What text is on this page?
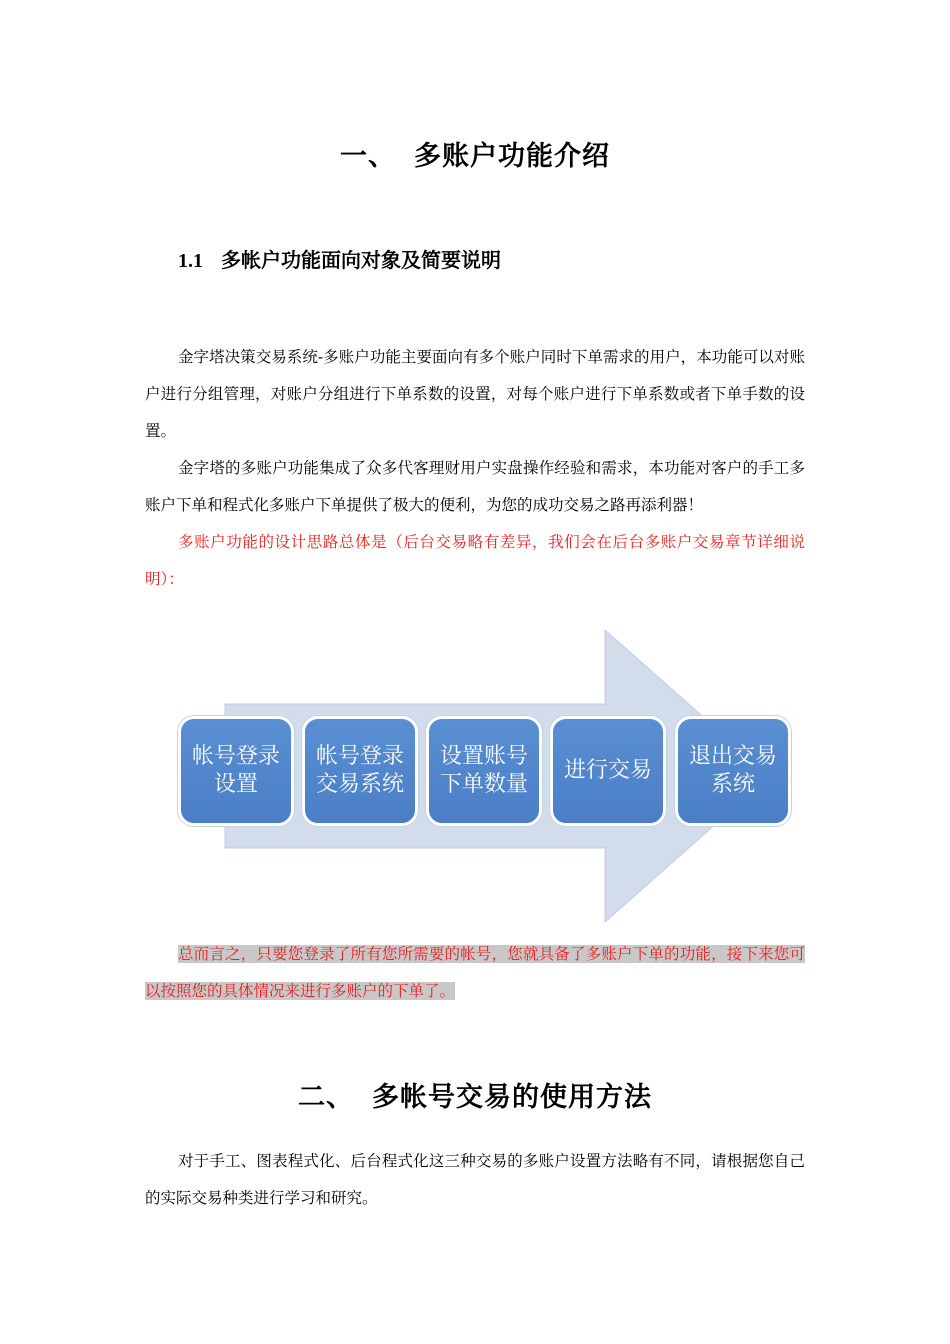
一、 多账户功能介绍
1.1 多帐户功能面向对象及简要说明

金字塔决策交易系统-多账户功能主要面向有多个账户同时下单需求的用户，本功能可以对账户进行分组管理，对账户分组进行下单系数的设置，对每个账户进行下单系数或者下单手数的设置。

金字塔的多账户功能集成了众多代客理财用户实盘操作经验和需求，本功能对客户的手工多账户下单和程式化多账户下单提供了极大的便利，为您的成功交易之路再添利器！

多账户功能的设计思路总体是（后台交易略有差异，我们会在后台多账户交易章节详细说明）：

帐号登录设置
帐号登录交易系统
设置账号下单数量
进行交易
退出交易系统

总而言之，只要您登录了所有您所需要的帐号，您就具备了多账户下单的功能，接下来您可以按照您的具体情况来进行多账户的下单了。

二、 多帐号交易的使用方法

对于手工、图表程式化、后台程式化这三种交易的多账户设置方法略有不同，请根据您自己的实际交易种类进行学习和研究。
